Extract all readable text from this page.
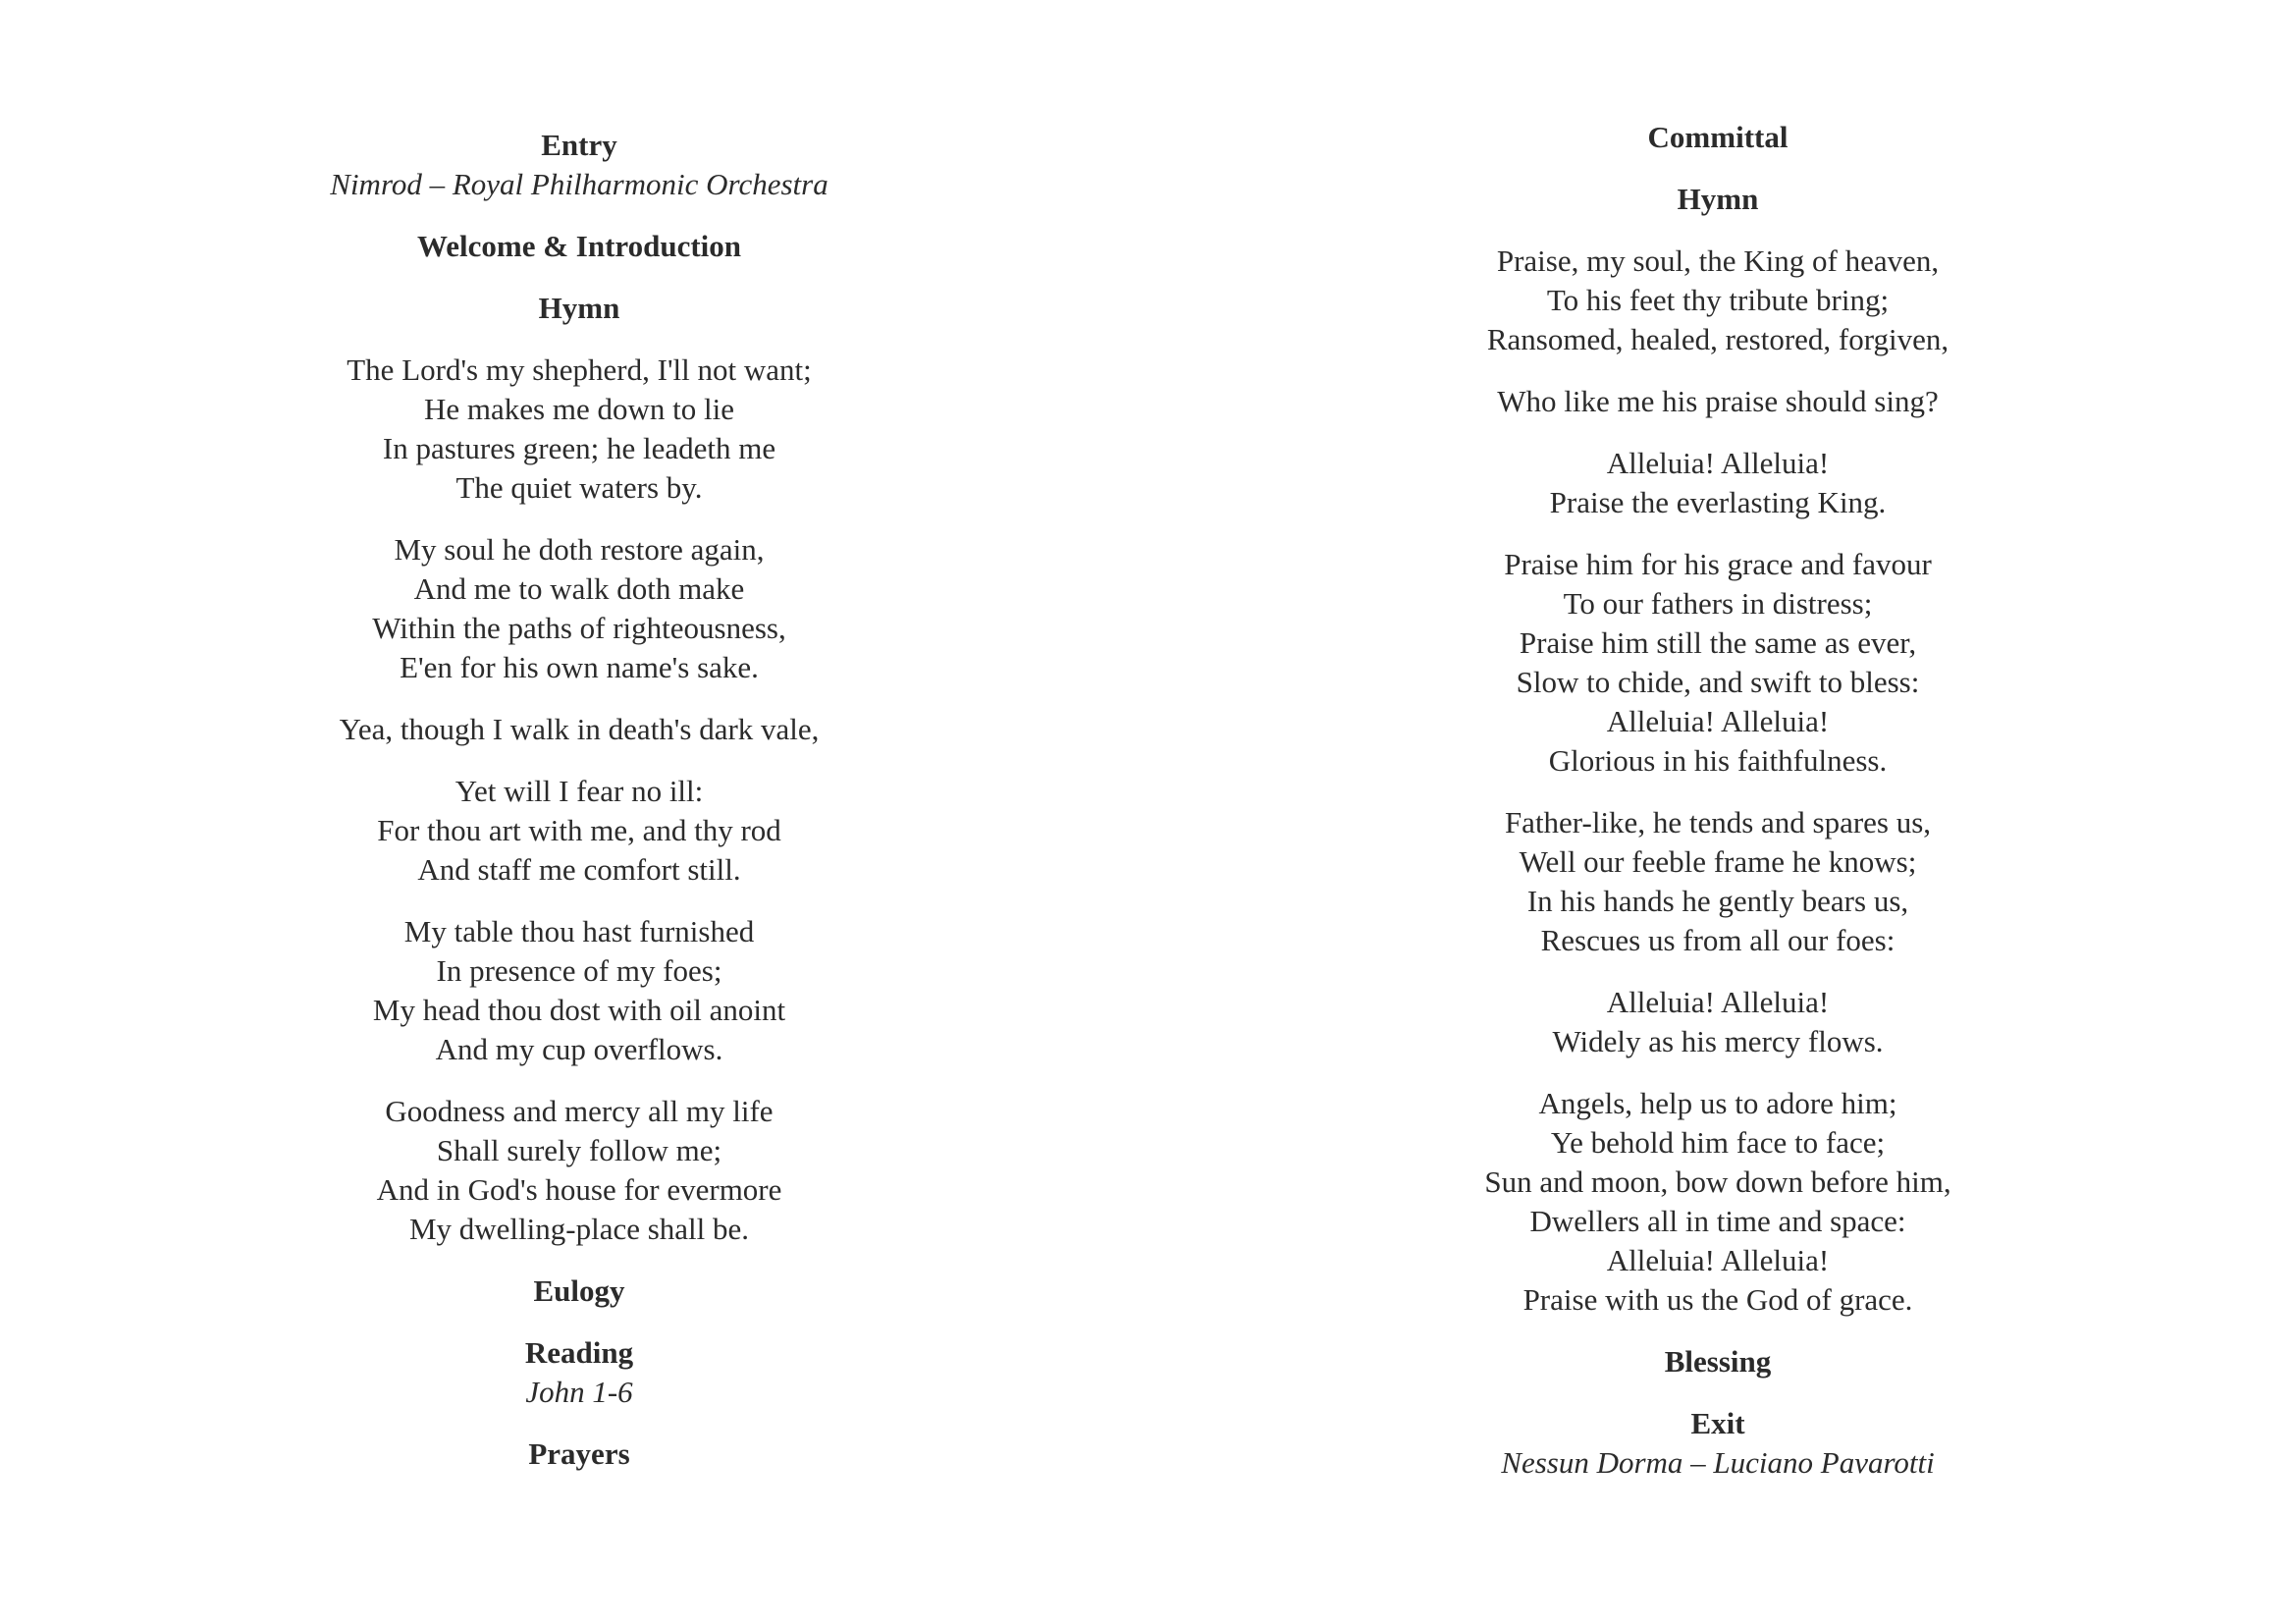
Entry

Nimrod – Royal Philharmonic Orchestra

Welcome & Introduction

Hymn

The Lord's my shepherd, I'll not want;

He makes me down to lie

In pastures green; he leadeth me

The quiet waters by.

My soul he doth restore again,

And me to walk doth make

Within the paths of righteousness,

E'en for his own name's sake.

Yea, though I walk in death's dark vale,

Yet will I fear no ill:

For thou art with me, and thy rod

And staff me comfort still.

My table thou hast furnished

In presence of my foes;

My head thou dost with oil anoint

And my cup overflows.

Goodness and mercy all my life

Shall surely follow me;

And in God's house for evermore

My dwelling-place shall be.

Eulogy

Reading

John 1-6

Prayers

Committal

Hymn

Praise, my soul, the King of heaven,

To his feet thy tribute bring;

Ransomed, healed, restored, forgiven,

Who like me his praise should sing?

Alleluia! Alleluia!

Praise the everlasting King.

Praise him for his grace and favour

To our fathers in distress;

Praise him still the same as ever,

Slow to chide, and swift to bless:

Alleluia! Alleluia!

Glorious in his faithfulness.

Father-like, he tends and spares us,

Well our feeble frame he knows;

In his hands he gently bears us,

Rescues us from all our foes:

Alleluia! Alleluia!

Widely as his mercy flows.

Angels, help us to adore him;

Ye behold him face to face;

Sun and moon, bow down before him,

Dwellers all in time and space:

Alleluia! Alleluia!

Praise with us the God of grace.

Blessing

Exit

Nessun Dorma – Luciano Pavarotti
